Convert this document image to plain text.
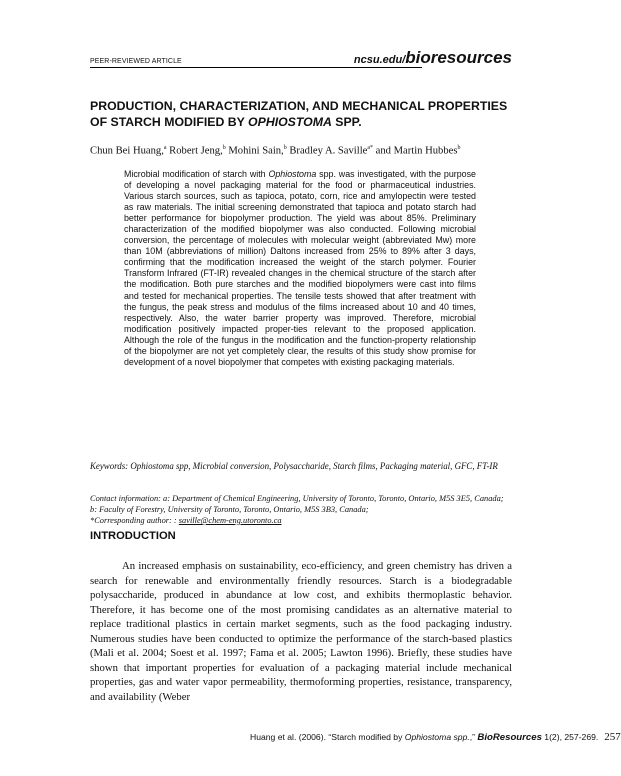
PEER-REVIEWED ARTICLE	ncsu.edu/bioresources
PRODUCTION, CHARACTERIZATION, AND MECHANICAL PROPERTIES OF STARCH MODIFIED BY OPHIOSTOMA SPP.
Chun Bei Huang,$^a$ Robert Jeng,$^b$ Mohini Sain,$^b$ Bradley A. Saville$^{a*}$ and Martin Hubbes$^b$

Microbial modification of starch with Ophiostoma spp. was investigated, with the purpose of developing a novel packaging material for the food or pharmaceutical industries. Various starch sources, such as tapioca, potato, corn, rice and amylopectin were tested as raw materials. The initial screening demonstrated that tapioca and potato starch had better performance for biopolymer production. The yield was about 85%. Preliminary characterization of the modified biopolymer was also conducted. Following microbial conversion, the percentage of molecules with molecular weight (abbreviated Mw) more than 10M (abbreviations of million) Daltons increased from 25% to 89% after 3 days, confirming that the modification increased the weight of the starch polymer. Fourier Transform Infrared (FT-IR) revealed changes in the chemical structure of the starch after the modification. Both pure starches and the modified biopolymers were cast into films and tested for mechanical properties. The tensile tests showed that after treatment with the fungus, the peak stress and modulus of the films increased about 10 and 40 times, respectively. Also, the water barrier property was improved. Therefore, microbial modification positively impacted proper-ties relevant to the proposed application. Although the role of the fungus in the modification and the function-property relationship of the biopolymer are not yet completely clear, the results of this study show promise for development of a novel biopolymer that competes with existing packaging materials.

Keywords: Ophiostoma spp, Microbial conversion, Polysaccharide, Starch films, Packaging material, GFC, FT-IR
Contact information: a: Department of Chemical Engineering, University of Toronto, Toronto, Ontario, M5S 3E5, Canada; b: Faculty of Forestry, University of Toronto, Toronto, Ontario, M5S 3B3, Canada;
*Corresponding author: : saville@chem-eng.utoronto.ca
INTRODUCTION

An increased emphasis on sustainability, eco-efficiency, and green chemistry has driven a search for renewable and environmentally friendly resources. Starch is a biodegradable polysaccharide, produced in abundance at low cost, and exhibits thermoplastic behavior. Therefore, it has become one of the most promising candidates as an alternative material to replace traditional plastics in certain market segments, such as the food packaging industry. Numerous studies have been conducted to optimize the performance of the starch-based plastics (Mali et al. 2004; Soest et al. 1997; Fama et al. 2005; Lawton 1996). Briefly, these studies have shown that important properties for evaluation of a packaging material include mechanical properties, gas and water vapor permeability, thermoforming properties, resistance, transparency, and availability (Weber

Huang et al. (2006). “Starch modified by Ophiostoma spp.,” BioResources 1(2), 257-269. 257
